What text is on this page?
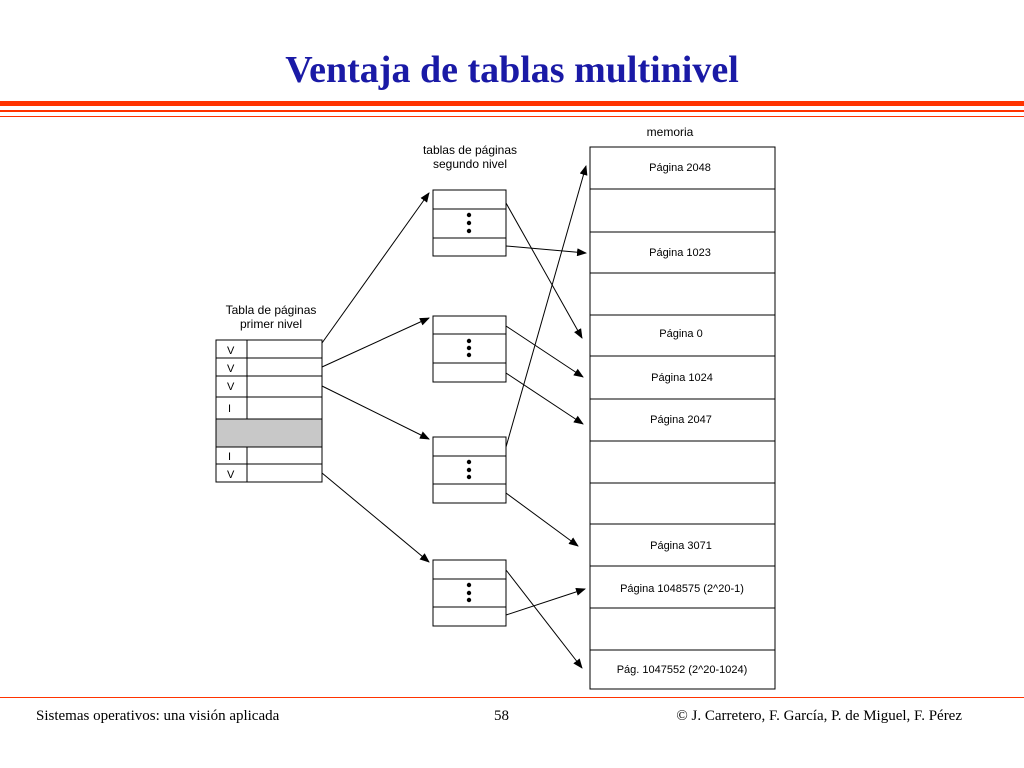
Ventaja de tablas multinivel
memoria
tablas de páginas
segundo nivel
Tabla de páginas
primer nivel
V
V
V
I
I
V
Página 2048
Página 1023
Página 0
Página 1024
Página 2047
Página 3071
Página 1048575 (2^20-1)
Pág. 1047552 (2^20-1024)
Sistemas operativos: una visión aplicada	58	© J. Carretero, F. García, P. de Miguel, F. Pérez
